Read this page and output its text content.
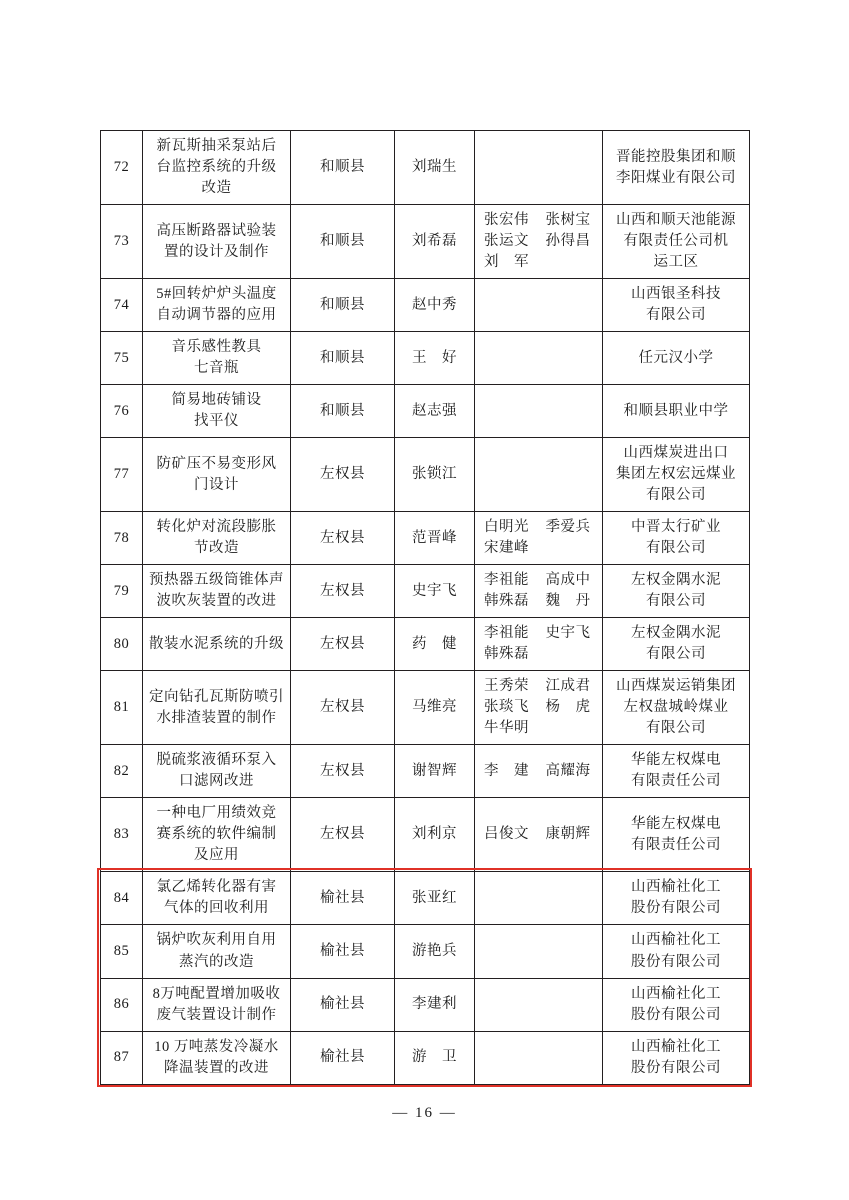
72	新瓦斯抽采泵站后
台监控系统的升级
改造	和顺县	刘瑞生		晋能控股集团和顺
李阳煤业有限公司

73	高压断路器试验装
置的设计及制作	和顺县	刘希磊	张宏伟    张树宝
张运文    孙得昌
刘　军	山西和顺天池能源
有限责任公司机
运工区

74	5#回转炉炉头温度
自动调节器的应用	和顺县	赵中秀		山西银圣科技
有限公司

75	音乐感性教具
七音瓶	和顺县	王　好		任元汉小学

76	简易地砖铺设
找平仪	和顺县	赵志强		和顺县职业中学

77	防矿压不易变形风
门设计	左权县	张锁江		山西煤炭进出口
集团左权宏远煤业
有限公司

78	转化炉对流段膨胀
节改造	左权县	范晋峰	白明光    季爱兵
宋建峰	中晋太行矿业
有限公司

79	预热器五级筒锥体声
波吹灰装置的改进	左权县	史宇飞	李祖能    高成中
韩殊磊    魏　丹	左权金隅水泥
有限公司

80	散装水泥系统的升级	左权县	药　健	李祖能    史宇飞
韩殊磊	左权金隅水泥
有限公司

81	定向钻孔瓦斯防喷引
水排渣装置的制作	左权县	马维亮	王秀荣    江成君
张琰飞    杨　虎
牛华明	山西煤炭运销集团
左权盘城岭煤业
有限公司

82	脱硫浆液循环泵入
口滤网改进	左权县	谢智辉	李　建    高耀海	华能左权煤电
有限责任公司

83	一种电厂用绩效竞
赛系统的软件编制
及应用	左权县	刘利京	吕俊文    康朝辉	华能左权煤电
有限责任公司

84	氯乙烯转化器有害
气体的回收利用	榆社县	张亚红		山西榆社化工
股份有限公司

85	锅炉吹灰利用自用
蒸汽的改造	榆社县	游艳兵		山西榆社化工
股份有限公司

86	8万吨配置增加吸收
废气装置设计制作	榆社县	李建利		山西榆社化工
股份有限公司

87	10 万吨蒸发冷凝水
降温装置的改进	榆社县	游　卫		山西榆社化工
股份有限公司
— 16 —
